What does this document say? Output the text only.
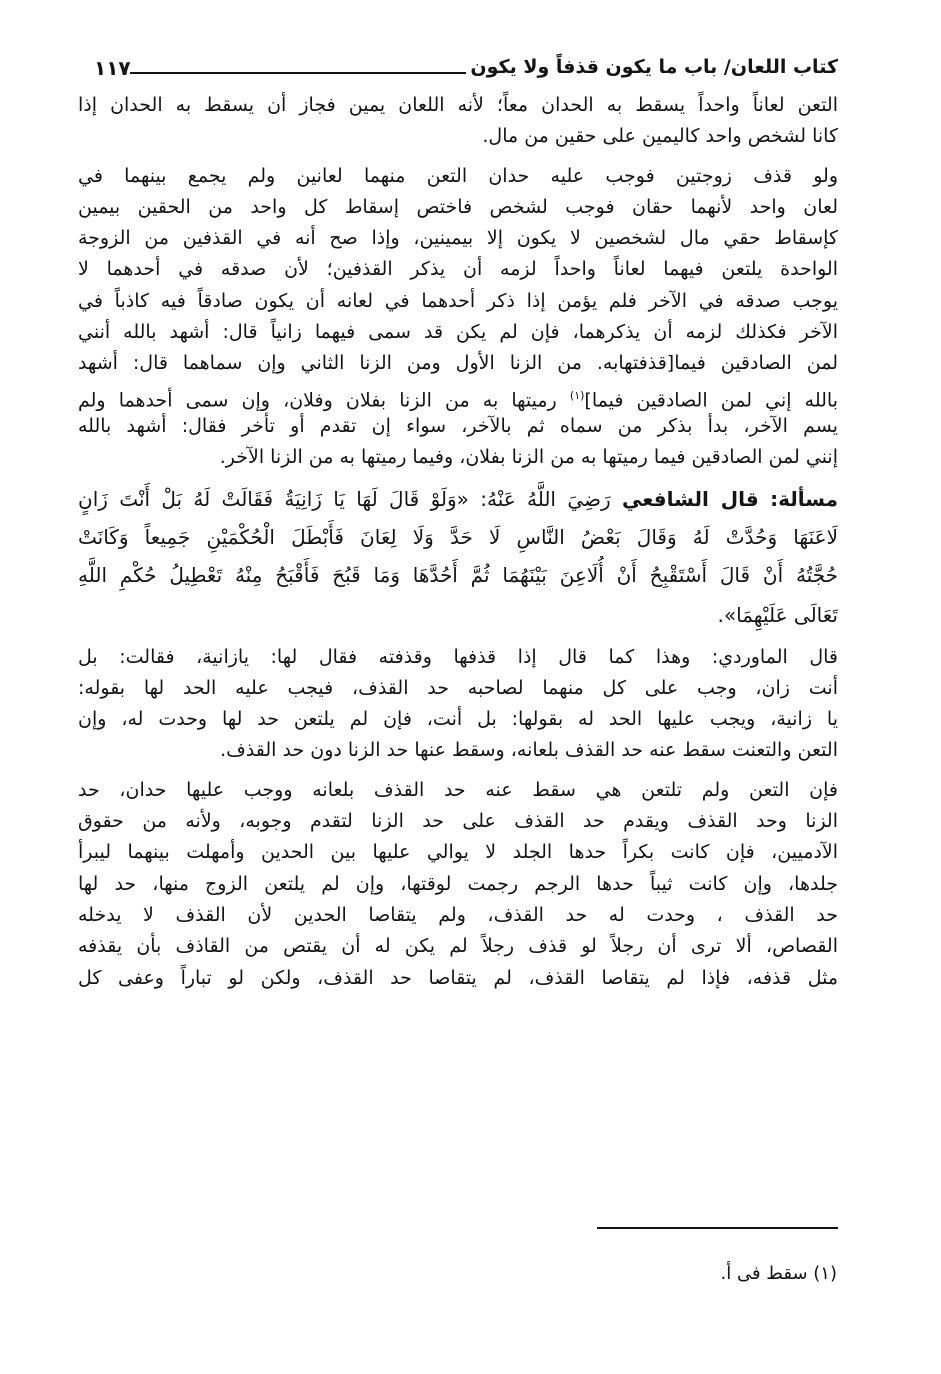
كتاب اللعان/ باب ما يكون قذفاً ولا يكون
١١٧
التعن لعاناً واحداً يسقط به الحدان معاً؛ لأنه اللعان يمين فجاز أن يسقط به الحدان إذا
كانا لشخص واحد كاليمين على حقين من مال.
ولو قذف زوجتين فوجب عليه حدان التعن منهما لعانين ولم يجمع بينهما في
لعان واحد لأنهما حقان فوجب لشخص فاختص إسقاط كل واحد من الحقين بيمين
كإسقاط حقي مال لشخصين لا يكون إلا بيمينين، وإذا صح أنه في القذفين من الزوجة
الواحدة يلتعن فيهما لعاناً واحداً لزمه أن يذكر القذفين؛ لأن صدقه في أحدهما لا
يوجب صدقه في الآخر فلم يؤمن إذا ذكر أحدهما في لعانه أن يكون صادقاً فيه كاذباً في
الآخر فكذلك لزمه أن يذكرهما، فإن لم يكن قد سمى فيهما زانياً قال: أشهد بالله أنني
لمن الصادقين فيما[قذفتهابه. من الزنا الأول ومن الزنا الثاني وإن سماهما قال: أشهد
بالله إني لمن الصادقين فيما]$^{(١)}$ رميتها به من الزنا بفلان وفلان، وإن سمى أحدهما ولم
يسم الآخر، بدأ بذكر من سماه ثم بالآخر، سواء إن تقدم أو تأخر فقال: أشهد بالله
إنني لمن الصادقين فيما رميتها به من الزنا بفلان، وفيما رميتها به من الزنا الآخر.
مسألة: قال الشافعي رَضِيَ اللَّهُ عَنْهُ: «وَلَوْ قَالَ لَهَا يَا زَانِيَةُ فَقَالَتْ لَهُ بَلْ أَنْتَ زَانٍ
لَاعَنَهَا وَحُدَّتْ لَهُ وَقَالَ بَعْضُ النَّاسِ لَا حَدَّ وَلَا لِعَانَ فَأَبْطَلَ الْحُكْمَيْنِ جَمِيعاً وَكَانَتْ
حُجَّتُهُ أَنْ قَالَ أَسْتَقْبِحُ أَنْ أُلَاعِنَ بَيْنَهُمَا ثُمَّ أَحُدَّهَا وَمَا قَبُحَ فَأَقْبَحُ مِنْهُ تَعْطِيلُ حُكْمِ اللَّهِ
تَعَالَى عَلَيْهِمَا».
قال الماوردي: وهذا كما قال إذا قذفها وقذفته فقال لها: يازانية، فقالت: بل
أنت زان، وجب على كل منهما لصاحبه حد القذف، فيجب عليه الحد لها بقوله:
يا زانية، ويجب عليها الحد له بقولها: بل أنت، فإن لم يلتعن حد لها وحدت له، وإن
التعن والتعنت سقط عنه حد القذف بلعانه، وسقط عنها حد الزنا دون حد القذف.
فإن التعن ولم تلتعن هي سقط عنه حد القذف بلعانه ووجب عليها حدان، حد
الزنا وحد القذف ويقدم حد القذف على حد الزنا لتقدم وجوبه، ولأنه من حقوق
الآدميين، فإن كانت بكراً حدها الجلد لا يوالي عليها بين الحدين وأمهلت بينهما ليبرأ
جلدها، وإن كانت ثيباً حدها الرجم رجمت لوقتها، وإن لم يلتعن الزوج منها، حد لها
حد القذف ، وحدت له حد القذف، ولم يتقاصا الحدين لأن القذف لا يدخله
القصاص، ألا ترى أن رجلاً لو قذف رجلاً لم يكن له أن يقتص من القاذف بأن يقذفه
مثل قذفه، فإذا لم يتقاصا القذف، لم يتقاصا حد القذف، ولكن لو تباراً وعفى كل
(١) سقط فى أ.
